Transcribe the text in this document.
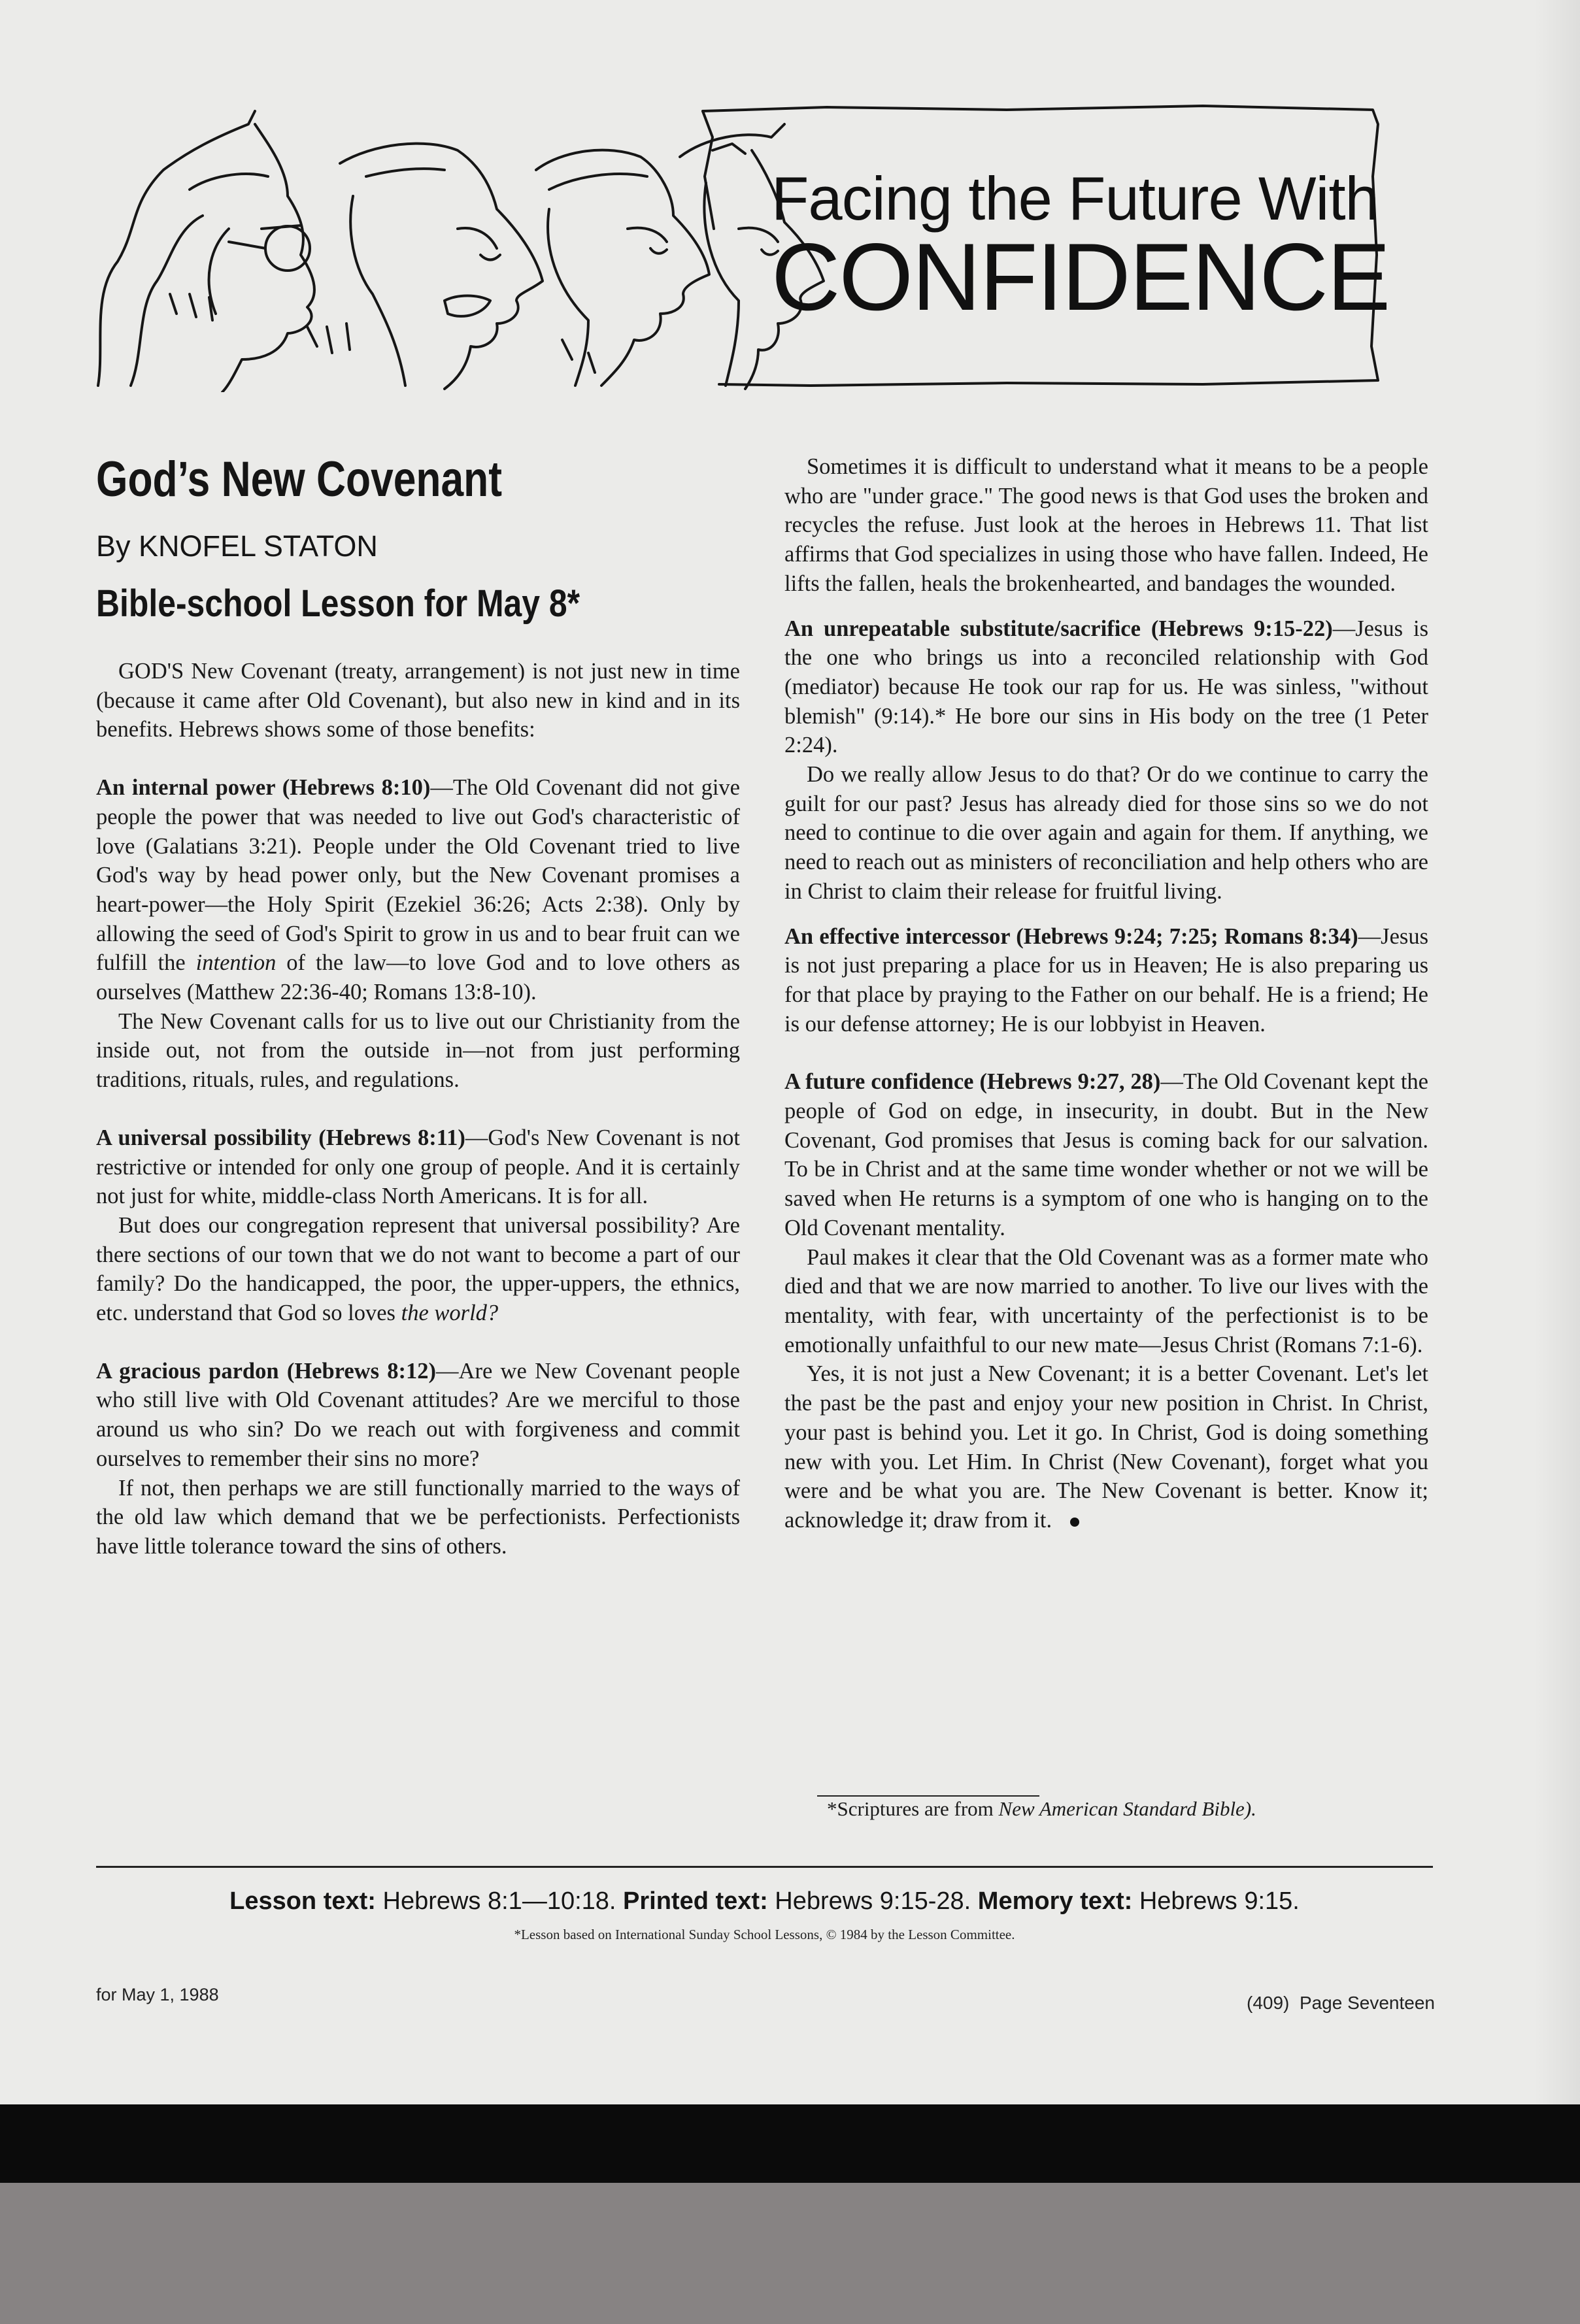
Facing the Future With
CONFIDENCE
God’s New Covenant
By KNOFEL STATON
Bible-school Lesson for May 8*

GOD'S New Covenant (treaty, arrangement) is not just new in time (because it came after Old Covenant), but also new in kind and in its benefits. Hebrews shows some of those benefits:

An internal power (Hebrews 8:10)—The Old Covenant did not give people the power that was needed to live out God's characteristic of love (Galatians 3:21). People under the Old Covenant tried to live God's way by head power only, but the New Covenant promises a heart-power—the Holy Spirit (Ezekiel 36:26; Acts 2:38). Only by allowing the seed of God's Spirit to grow in us and to bear fruit can we fulfill the intention of the law—to love God and to love others as ourselves (Matthew 22:36-40; Romans 13:8-10).

The New Covenant calls for us to live out our Christianity from the inside out, not from the outside in—not from just performing traditions, rituals, rules, and regulations.

A universal possibility (Hebrews 8:11)—God's New Covenant is not restrictive or intended for only one group of people. And it is certainly not just for white, middle-class North Americans. It is for all.

But does our congregation represent that universal possibility? Are there sections of our town that we do not want to become a part of our family? Do the handicapped, the poor, the upper-uppers, the ethnics, etc. understand that God so loves the world?

A gracious pardon (Hebrews 8:12)—Are we New Covenant people who still live with Old Covenant attitudes? Are we merciful to those around us who sin? Do we reach out with forgiveness and commit ourselves to remember their sins no more?

If not, then perhaps we are still functionally married to the ways of the old law which demand that we be perfectionists. Perfectionists have little tolerance toward the sins of others.

Sometimes it is difficult to understand what it means to be a people who are "under grace." The good news is that God uses the broken and recycles the refuse. Just look at the heroes in Hebrews 11. That list affirms that God specializes in using those who have fallen. Indeed, He lifts the fallen, heals the brokenhearted, and bandages the wounded.

An unrepeatable substitute/sacrifice (Hebrews 9:15-22)—Jesus is the one who brings us into a reconciled relationship with God (mediator) because He took our rap for us. He was sinless, "without blemish" (9:14).* He bore our sins in His body on the tree (1 Peter 2:24).

Do we really allow Jesus to do that? Or do we continue to carry the guilt for our past? Jesus has already died for those sins so we do not need to continue to die over again and again for them. If anything, we need to reach out as ministers of reconciliation and help others who are in Christ to claim their release for fruitful living.

An effective intercessor (Hebrews 9:24; 7:25; Romans 8:34)—Jesus is not just preparing a place for us in Heaven; He is also preparing us for that place by praying to the Father on our behalf. He is a friend; He is our defense attorney; He is our lobbyist in Heaven.

A future confidence (Hebrews 9:27, 28)—The Old Covenant kept the people of God on edge, in insecurity, in doubt. But in the New Covenant, God promises that Jesus is coming back for our salvation. To be in Christ and at the same time wonder whether or not we will be saved when He returns is a symptom of one who is hanging on to the Old Covenant mentality.

Paul makes it clear that the Old Covenant was as a former mate who died and that we are now married to another. To live our lives with the mentality, with fear, with uncertainty of the perfectionist is to be emotionally unfaithful to our new mate—Jesus Christ (Romans 7:1-6).

Yes, it is not just a New Covenant; it is a better Covenant. Let's let the past be the past and enjoy your new position in Christ. In Christ, your past is behind you. Let it go. In Christ, God is doing something new with you. Let Him. In Christ (New Covenant), forget what you were and be what you are. The New Covenant is better. Know it; acknowledge it; draw from it.

*Scriptures are from New American Standard Bible).
Lesson text: Hebrews 8:1—10:18. Printed text: Hebrews 9:15-28. Memory text: Hebrews 9:15.
*Lesson based on International Sunday School Lessons, © 1984 by the Lesson Committee.
for May 1, 1988	(409) Page Seventeen
